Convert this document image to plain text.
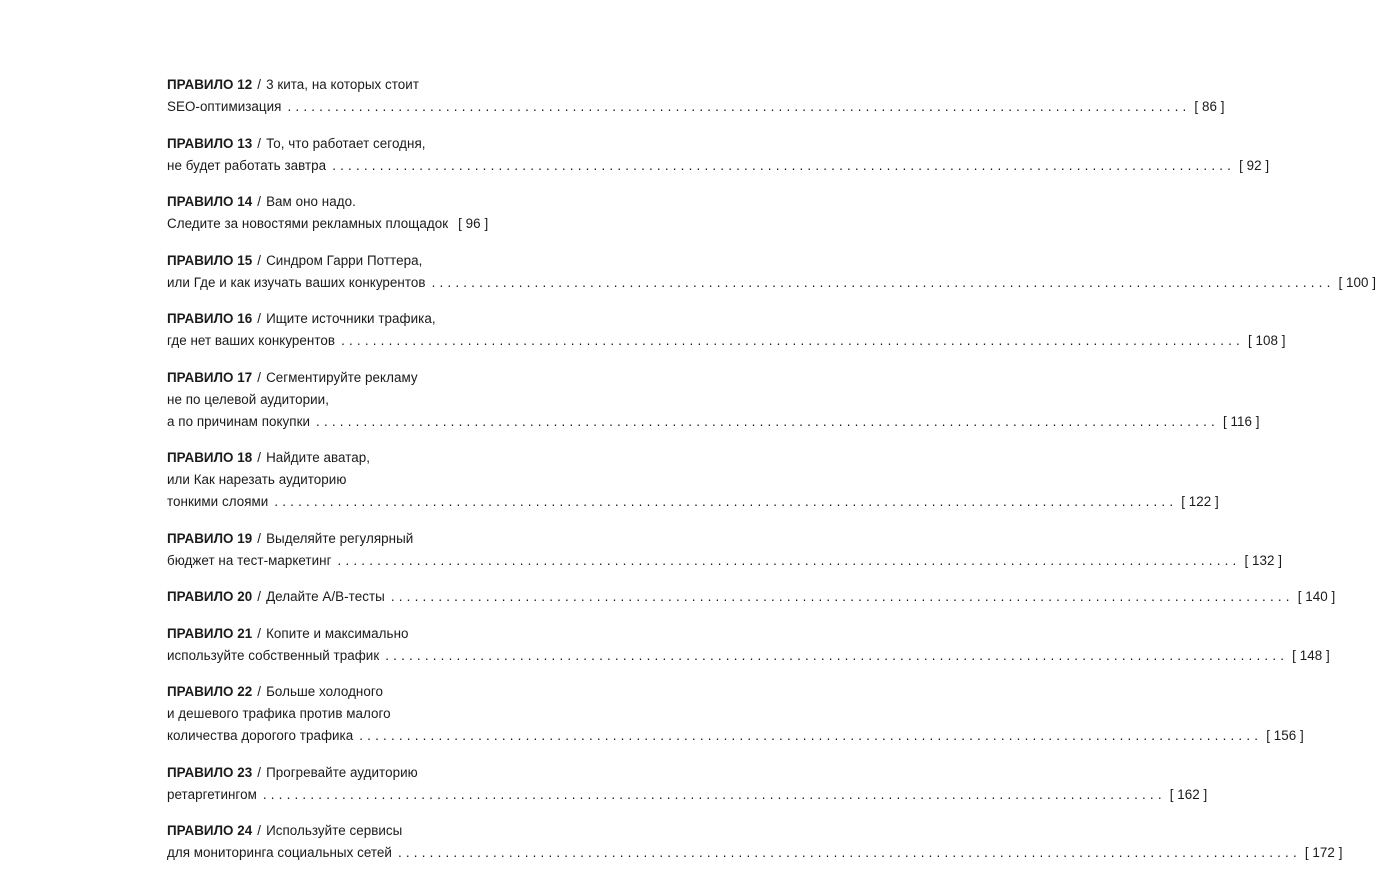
ПРАВИЛО 12 / 3 кита, на которых стоит
SEO-оптимизация .....	[ 86 ]
ПРАВИЛО 13 / То, что работает сегодня,
не будет работать завтра .....	[ 92 ]
ПРАВИЛО 14 / Вам оно надо.
Следите за новостями рекламных площадок [ 96 ]
ПРАВИЛО 15 / Синдром Гарри Поттера,
или Где и как изучать ваших конкурентов .....	[ 100 ]
ПРАВИЛО 16 / Ищите источники трафика,
где нет ваших конкурентов .....	[ 108 ]
ПРАВИЛО 17 / Сегментируйте рекламу
не по целевой аудитории,
а по причинам покупки .....	[ 116 ]
ПРАВИЛО 18 / Найдите аватар,
или Как нарезать аудиторию
тонкими слоями .....	[ 122 ]
ПРАВИЛО 19 / Выделяйте регулярный
бюджет на тест-маркетинг .....	[ 132 ]
ПРАВИЛО 20 / Делайте А/В-тесты .....	[ 140 ]
ПРАВИЛО 21 / Копите и максимально
используйте собственный трафик .....	[ 148 ]
ПРАВИЛО 22 / Больше холодного
и дешевого трафика против малого
количества дорогого трафика .....	[ 156 ]
ПРАВИЛО 23 / Прогревайте аудиторию
ретаргетингом .....	[ 162 ]
ПРАВИЛО 24 / Используйте сервисы
для мониторинга социальных сетей .....	[ 172 ]
